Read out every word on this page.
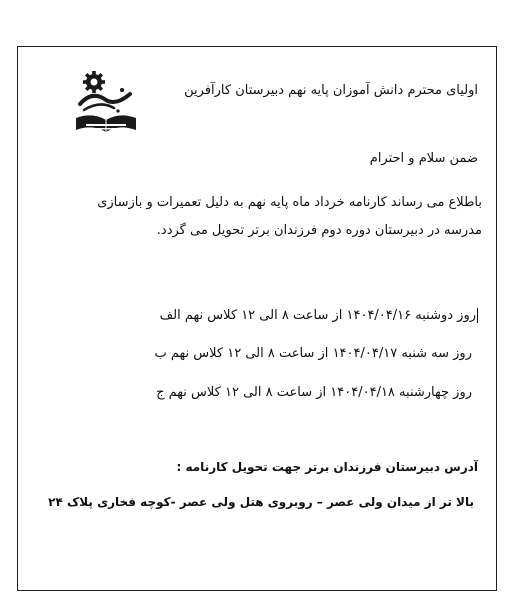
اولیای محترم دانش آموزان پایه نهم دبیرستان کارآفرین
ضمن سلام و احترام
باطلاع می رساند کارنامه خرداد ماه پایه نهم به دلیل تعمیرات و بازسازی
مدرسه در دبیرستان دوره دوم فرزندان برتر تحویل می گردد.
روز دوشنبه ۱۴۰۴/۰۴/۱۶ از ساعت ۸ الی ۱۲ کلاس نهم الف
روز سه شنبه ۱۴۰۴/۰۴/۱۷ از ساعت ۸ الی ۱۲ کلاس نهم ب
روز چهارشنبه ۱۴۰۴/۰۴/۱۸ از ساعت ۸ الی ۱۲ کلاس نهم ج
آدرس دبیرستان فرزندان برتر جهت تحویل کارنامه :
بالا تر از میدان ولی عصر – روبروی هتل ولی عصر -کوچه فخاری پلاک ۲۴
